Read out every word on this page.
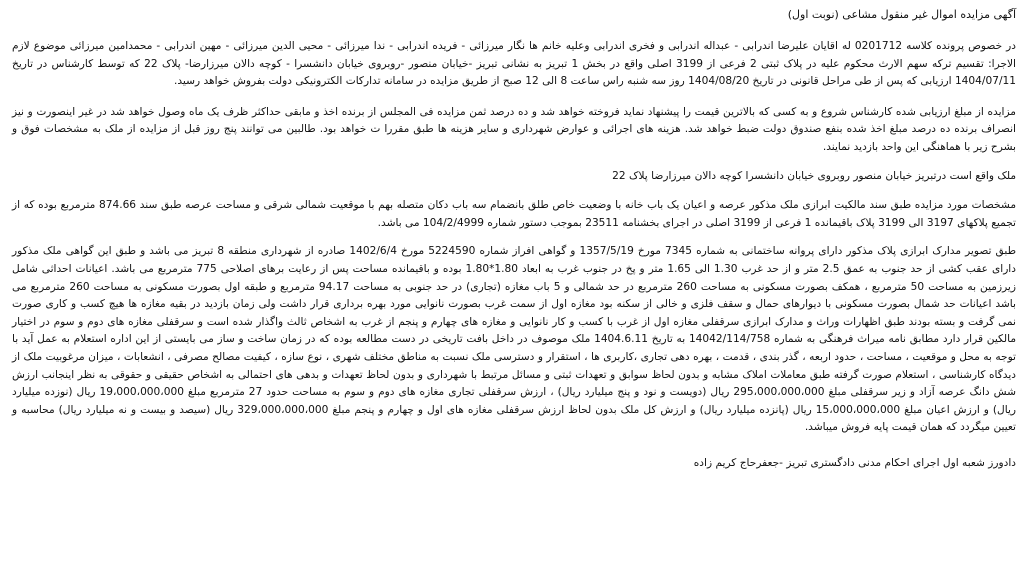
آگهی مزایده اموال غیر منقول مشاعی (نوبت اول)

در خصوص پرونده کلاسه 0201712 له اقایان علیرضا اندرابی - عبداله اندرابی و فخری اندرابی وعلیه خانم ها نگار میرزائی - فریده اندرابی - ندا میرزائی - محیی الدین میرزائی - مهین اندرابی - محمدامین میرزائی موضوع لازم الاجرا: تقسیم ترکه سهم الارث محکوم علیه در پلاک ثبتی 2 فرعی از 3199 اصلی واقع در بخش 1 تبریز به نشانی تبریز -خیابان منصور -روبروی خیابان دانشسرا - کوچه دالان میرزارضا- پلاک 22 که توسط کارشناس در تاریخ 1404/07/11 ارزیابی که پس از طی مراحل قانونی در تاریخ 1404/08/20 روز سه شنبه راس ساعت 8 الی 12 صبح از طریق مزایده در سامانه تدارکات الکترونیکی دولت بفروش خواهد رسید.

مزایده از مبلغ ارزیابی شده کارشناس شروع و به کسی که بالاترین قیمت را پیشنهاد نماید فروخته خواهد شد و ده درصد ثمن مزایده فی المجلس از برنده اخذ و مابقی حداکثر ظرف یک ماه وصول خواهد شد در غیر اینصورت و نیز انصراف برنده ده درصد مبلغ اخذ شده بنفع صندوق دولت ضبط خواهد شد. هزینه های اجرائی و عوارض شهرداری و سایر هزینه ها طبق مقررا ت خواهد بود. طالبین می توانند پنج روز قبل از مزایده از ملک به مشخصات فوق و بشرح زیر با هماهنگی این واحد بازدید نمایند.

ملک واقع است درتبریز خیابان منصور روبروی خیابان دانشسرا کوچه دالان میرزارضا پلاک 22

مشخصات مورد مزایده طبق سند مالکیت ابرازی ملک مذکور عرصه و اعیان یک باب خانه با وضعیت خاص طلق بانضمام سه باب دکان متصله بهم با موقعیت شمالی شرقی و مساحت عرصه طبق سند 874.66 مترمربع بوده که از تجمیع پلاکهای 3197 الی 3199 پلاک باقیمانده 1 فرعی از 3199 اصلی در اجرای بخشنامه 23511 بموجب دستور شماره 104/2/4999 می باشد.

طبق تصویر مدارک ابرازی پلاک مذکور دارای پروانه ساختمانی به شماره 7345 مورخ 1357/5/19 و گواهی افراز شماره 5224590 مورخ 1402/6/4 صادره از شهرداری منطقه 8 تبریز می باشد و طبق این گواهی ملک مذکور دارای عقب کشی از حد جنوب به عمق 2.5 متر و از حد غرب 1.30 الی 1.65 متر و پخ در جنوب غرب به ابعاد 1.80*1.80 بوده و باقیمانده مساحت پس از رعایت برهای اصلاحی 775 مترمربع می باشد. اعیانات احداثی شامل زیرزمین به مساحت 50 مترمربع ، همکف بصورت مسکونی به مساحت 260 مترمربع در حد شمالی و 5 باب مغازه (تجاری) در حد جنوبی به مساحت 94.17 مترمربع و طبقه اول بصورت مسکونی به مساحت 260 مترمربع می باشد اعیانات حد شمال بصورت مسکونی با دیوارهای حمال و سقف فلزی و خالی از سکنه بود مغازه اول از سمت غرب بصورت نانوایی مورد بهره برداری قرار داشت ولی زمان بازدید در بقیه مغازه ها هیچ کسب و کاری صورت نمی گرفت و بسته بودند طبق اظهارات وراث و مدارک ابرازی سرقفلی مغازه اول از غرب با کسب و کار نانوایی و مغازه های چهارم و پنجم از غرب به اشخاص ثالث واگذار شده است و سرقفلی مغازه های دوم و سوم در اختیار مالکین قرار دارد مطابق نامه میراث فرهنگی به شماره 14042/114/758 به تاریخ 1404.6.11 ملک موصوف در داخل بافت تاریخی در دست مطالعه بوده که در زمان ساخت و ساز می بایستی از این اداره استعلام به عمل آید با توجه به محل و موقعیت ، مساحت ، حدود اربعه ، گذر بندی ، قدمت ، بهره دهی تجاری ،کاربری ها ، استقرار و دسترسی ملک نسبت به مناطق مختلف شهری ، نوع سازه ، کیفیت مصالح مصرفی ، انشعابات ، میزان مرغوبیت ملک از دیدگاه کارشناسی ، استعلام صورت گرفته طبق معاملات املاک مشابه و بدون لحاظ سوابق و تعهدات ثبتی و مسائل مرتبط با شهرداری و بدون لحاظ تعهدات و بدهی های احتمالی به اشخاص حقیقی و حقوقی به نظر اینجانب ارزش شش دانگ عرصه آزاد و زیر سرقفلی مبلغ 295،000،000،000 ریال (دویست و نود و پنج میلیارد ریال) ، ارزش سرقفلی تجاری مغازه های دوم و سوم به مساحت حدود 27 مترمربع مبلغ 19،000،000،000 ریال (نوزده میلیارد ریال) و ارزش اعیان مبلغ 15،000،000،000 ریال (پانزده میلیارد ریال) و ارزش کل ملک بدون لحاظ ارزش سرقفلی مغازه های اول و چهارم و پنجم مبلغ 329،000،000،000 ریال (سیصد و بیست و نه میلیارد ریال) محاسبه و تعیین میگردد که همان قیمت پایه فروش میباشد.

دادورز شعبه اول اجرای احکام مدنی دادگستری تبریز -جعفرحاج کریم زاده
